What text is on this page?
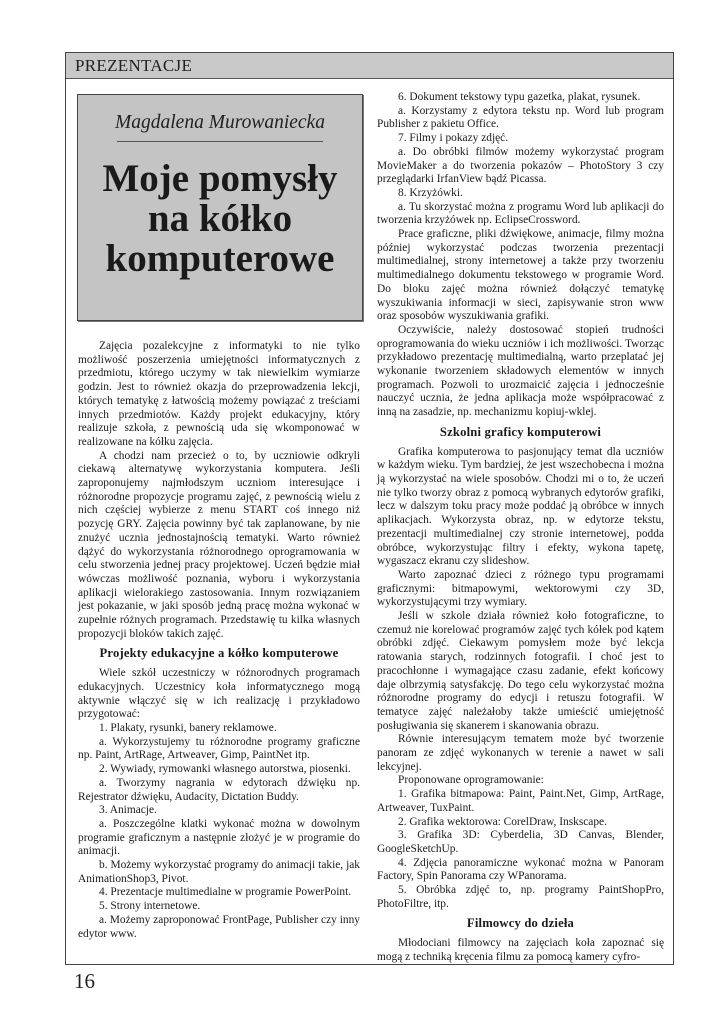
PREZENTACJE
Magdalena Murowaniecka
Moje pomysły
na kółko
komputerowe

Zajęcia pozalekcyjne z informatyki to nie tylko możliwość poszerzenia umiejętności informatycznych z przedmiotu, którego uczymy w tak niewielkim wymiarze godzin. Jest to również okazja do przeprowadzenia lekcji, których tematykę z łatwością możemy powiązać z treściami innych przedmiotów. Każdy projekt edukacyjny, który realizuje szkoła, z pewnością uda się wkomponować w realizowane na kółku zajęcia.

A chodzi nam przecież o to, by uczniowie odkryli ciekawą alternatywę wykorzystania komputera. Jeśli zaproponujemy najmłodszym uczniom interesujące i różnorodne propozycje programu zajęć, z pewnością wielu z nich częściej wybierze z menu START coś innego niż pozycję GRY. Zajęcia powinny być tak zaplanowane, by nie znużyć ucznia jednostajnością tematyki. Warto również dążyć do wykorzystania różnorodnego oprogramowania w celu stworzenia jednej pracy projektowej. Uczeń będzie miał wówczas możliwość poznania, wyboru i wykorzystania aplikacji wielorakiego zastosowania. Innym rozwiązaniem jest pokazanie, w jaki sposób jedną pracę można wykonać w zupełnie różnych programach. Przedstawię tu kilka własnych propozycji bloków takich zajęć.

Projekty edukacyjne a kółko komputerowe

Wiele szkół uczestniczy w różnorodnych programach edukacyjnych. Uczestnicy koła informatycznego mogą aktywnie włączyć się w ich realizację i przykładowo przygotować:

1. Plakaty, rysunki, banery reklamowe.

a. Wykorzystujemy tu różnorodne programy graficzne np. Paint, ArtRage, Artweaver, Gimp, PaintNet itp.

2. Wywiady, rymowanki własnego autorstwa, piosenki.

a. Tworzymy nagrania w edytorach dźwięku np. Rejestrator dźwięku, Audacity, Dictation Buddy.

3. Animacje.

a. Poszczególne klatki wykonać można w dowolnym programie graficznym a następnie złożyć je w programie do animacji.

b. Możemy wykorzystać programy do animacji takie, jak AnimationShop3, Pivot.

4. Prezentacje multimedialne w programie PowerPoint.

5. Strony internetowe.

a. Możemy zaproponować FrontPage, Publisher czy inny edytor www.

6. Dokument tekstowy typu gazetka, plakat, rysunek.

a. Korzystamy z edytora tekstu np. Word lub program Publisher z pakietu Office.

7. Filmy i pokazy zdjęć.

a. Do obróbki filmów możemy wykorzystać program MovieMaker a do tworzenia pokazów – PhotoStory 3 czy przeglądarki IrfanView bądź Picassa.

8. Krzyżówki.

a. Tu skorzystać można z programu Word lub aplikacji do tworzenia krzyżówek np. EclipseCrossword.

Prace graficzne, pliki dźwiękowe, animacje, filmy można później wykorzystać podczas tworzenia prezentacji multimedialnej, strony internetowej a także przy tworzeniu multimedialnego dokumentu tekstowego w programie Word. Do bloku zajęć można również dołączyć tematykę wyszukiwania informacji w sieci, zapisywanie stron www oraz sposobów wyszukiwania grafiki.

Oczywiście, należy dostosować stopień trudności oprogramowania do wieku uczniów i ich możliwości. Tworząc przykładowo prezentację multimedialną, warto przeplatać jej wykonanie tworzeniem składowych elementów w innych programach. Pozwoli to urozmaicić zajęcia i jednocześnie nauczyć ucznia, że jedna aplikacja może współpracować z inną na zasadzie, np. mechanizmu kopiuj-wklej.

Szkolni graficy komputerowi

Grafika komputerowa to pasjonujący temat dla uczniów w każdym wieku. Tym bardziej, że jest wszechobecna i można ją wykorzystać na wiele sposobów. Chodzi mi o to, że uczeń nie tylko tworzy obraz z pomocą wybranych edytorów grafiki, lecz w dalszym toku pracy może poddać ją obróbce w innych aplikacjach. Wykorzysta obraz, np. w edytorze tekstu, prezentacji multimedialnej czy stronie internetowej, podda obróbce, wykorzystując filtry i efekty, wykona tapetę, wygaszacz ekranu czy slideshow.

Warto zapoznać dzieci z różnego typu programami graficznymi: bitmapowymi, wektorowymi czy 3D, wykorzystującymi trzy wymiary.

Jeśli w szkole działa również koło fotograficzne, to czemuż nie korelować programów zajęć tych kółek pod kątem obróbki zdjęć. Ciekawym pomysłem może być lekcja ratowania starych, rodzinnych fotografii. I choć jest to pracochłonne i wymagające czasu zadanie, efekt końcowy daje olbrzymią satysfakcję. Do tego celu wykorzystać można różnorodne programy do edycji i retuszu fotografii. W tematyce zajęć należałoby także umieścić umiejętność posługiwania się skanerem i skanowania obrazu.

Równie interesującym tematem może być tworzenie panoram ze zdjęć wykonanych w terenie a nawet w sali lekcyjnej.

Proponowane oprogramowanie:

1. Grafika bitmapowa: Paint, Paint.Net, Gimp, ArtRage, Artweaver, TuxPaint.

2. Grafika wektorowa: CorelDraw, Inskscape.

3. Grafika 3D: Cyberdelia, 3D Canvas, Blender, GoogleSketchUp.

4. Zdjęcia panoramiczne wykonać można w Panoram Factory, Spin Panorama czy WPanorama.

5. Obróbka zdjęć to, np. programy PaintShopPro, PhotoFiltre, itp.

Filmowcy do dzieła

Młodociani filmowcy na zajęciach koła zapoznać się mogą z techniką kręcenia filmu za pomocą kamery cyfro-

16
